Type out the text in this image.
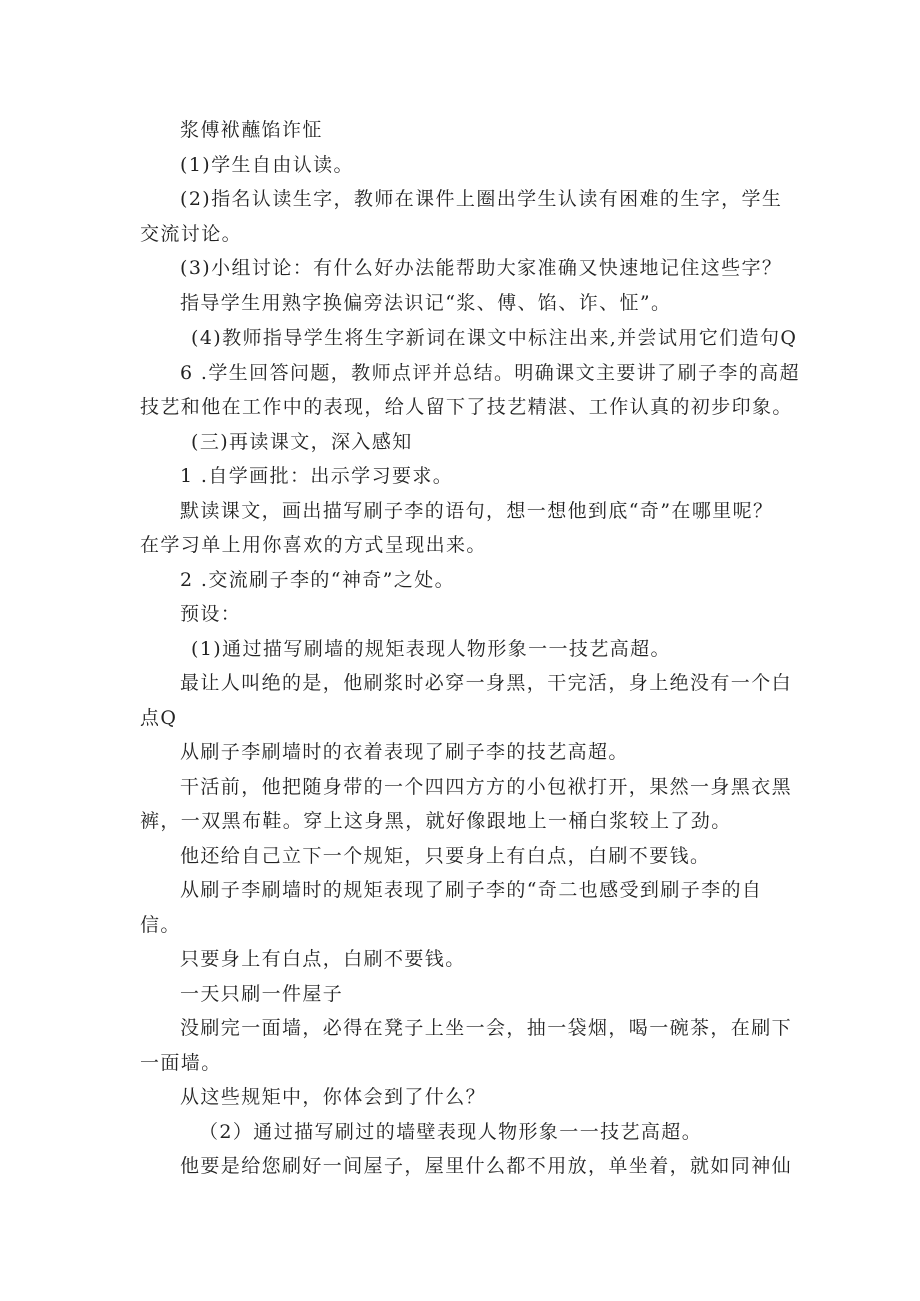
浆傅袱蘸馅诈怔
(1)学生自由认读。
(2)指名认读生字，教师在课件上圈出学生认读有困难的生字，学生
交流讨论。
(3)小组讨论：有什么好办法能帮助大家准确又快速地记住这些字？
指导学生用熟字换偏旁法识记“浆、傅、馅、诈、怔”。
(4)教师指导学生将生字新词在课文中标注出来,并尝试用它们造句Q
6 .学生回答问题，教师点评并总结。明确课文主要讲了刷子李的高超
技艺和他在工作中的表现，给人留下了技艺精湛、工作认真的初步印象。
(三)再读课文，深入感知
1 .自学画批：出示学习要求。
默读课文，画出描写刷子李的语句，想一想他到底“奇”在哪里呢？
在学习单上用你喜欢的方式呈现出来。
2 .交流刷子李的“神奇”之处。
预设：
(1)通过描写刷墙的规矩表现人物形象一一技艺高超。
最让人叫绝的是，他刷浆时必穿一身黑，干完活，身上绝没有一个白
点Q
从刷子李刷墙时的衣着表现了刷子李的技艺高超。
干活前，他把随身带的一个四四方方的小包袱打开，果然一身黑衣黑
裤，一双黑布鞋。穿上这身黑，就好像跟地上一桶白浆较上了劲。
他还给自己立下一个规矩，只要身上有白点，白刷不要钱。
从刷子李刷墙时的规矩表现了刷子李的“奇二也感受到刷子李的自
信。
只要身上有白点，白刷不要钱。
一天只刷一件屋子
没刷完一面墙，必得在凳子上坐一会，抽一袋烟，喝一碗茶，在刷下
一面墙。
从这些规矩中，你体会到了什么？
（2）通过描写刷过的墙壁表现人物形象一一技艺高超。
他要是给您刷好一间屋子，屋里什么都不用放，单坐着，就如同神仙
